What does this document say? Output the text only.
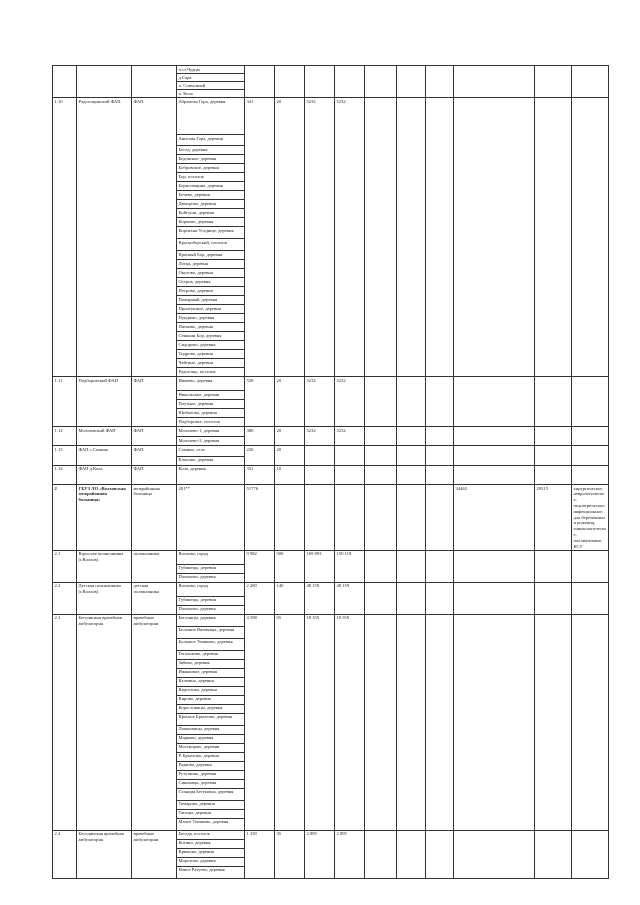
			п.ст.Чудцы												
			д.Сара											
			п. Совхозный											
			п. Кола											
1.10	Радогощинский ФАП	ФАП	Абрамова Гора, деревня	341	20	5232	5232								
			Анисова Гора, деревня											
			Бесед, деревня											
			Бедовское, деревня											
			Бобровское, деревня											
			Бор, поселок											
			Борисовщина, деревня											
			Бочево, деревня											
			Дмитрово, деревня											
			Койгуши, деревня											
			Коржево, деревня											
			Кортихна-Усадище, деревня											
			Красноборский, поселок											
			Красный Бор, деревня											
			Лотца, деревня											
			Окулово, деревня											
			Остров, деревня											
			Петрово, деревня											
			Пожарный, деревня											
			Пронтушкое, деревня											
			Пундимо, деревня											
			Пятниво, деревня											
			Сенькин Бор, деревня											
			Сидорово, деревня											
			Тидрово, деревня											
			Чайгино, деревня											
			Радогощь, поселок											
1.11	Подборовский ФАП	ФАП	Ивачево, деревня	528	20	5232	5232								
			Никольское, деревня											
			Плутное, деревня											
			Шибалово, деревня											
			Подборовье, поселок											
1.12	Мозолевский ФАП	ФАП	Мозолево-1, деревня	380	20	5232	5232								
			Мозолево-2, деревня											
1.13	ФАП с.Сомино	ФАП	Сомино, село	220	20										
			Клопово, деревня											
1.14	ФАП д.Кола	ФАП	Кола, деревня	331	10										
2	ГБУЗ ЛО «Волховская межрайонная больница»	межрайонная больница	201**	51776							34465	29515	хирургическое, неврологическое, педиатрическое, инфекционное, для беременных и рожениц, гинекологическое, паллиативные, КСУ		
2.1	Взрослая поликлиника (г.Волхов)	поликлиника	Волхово, город	9 982	500	169 893	150 118								
			Губинецы, деревня											
			Пахомово, деревня											
2.2	Детская поликлиника (г.Волхов)	детская поликлиника	Волхово, город	2 280	140	48 159	48 159								
			Губинецы, деревня											
			Пахомово, деревня											
2.3	Бегуницкая врачебная амбулатория	врачебные амбулатории	Бегуницы, деревня	4 598	65	18 359	18 359								
			Большие Вязовицы, деревня											
			Большое Теняково, деревня											
			Гогольково, деревня											
			Зябкво, деревня											
			Иванковое, деревня											
			Калмино, деревня											
			Картолово, деревня											
			Кирово, деревня											
			Коростовицы, деревня											
			Красное Брызгово, деревня											
			Лашковицы, деревня											
			Марково, деревня											
			Мостищево, деревня											
			Р. Брызгово, деревня											
			Радкова, деревня											
			Рутушино, деревня											
			Сиковицы, деревня											
			Станция Бегуницы, деревня											
			Томарово, деревня											
			Тагицы, деревня											
			Малое Теняково, деревня											
2.4	Бесединская врачебная амбулатория	врачебные амбулатории	Беседа, поселок	1 339	35	2 895	2 895								
			Котино, деревня											
			Крюково, деревня											
			Морозово, деревня											
			Новое Ратуево, деревня											
